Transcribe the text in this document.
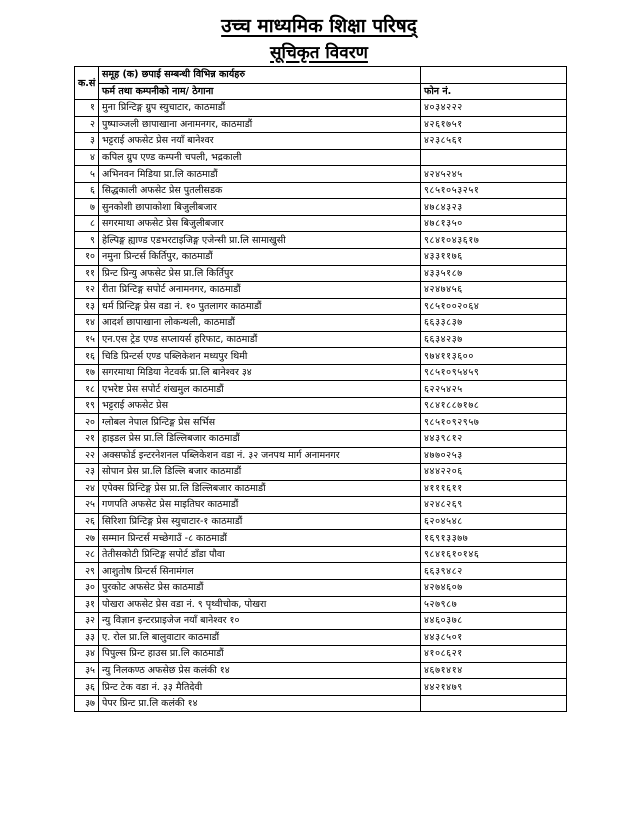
उच्च माध्यमिक शिक्षा परिषद्
सूचिकृत विवरण
क.सं	समूह (क) छपाई सम्बन्धी विभिन्न कार्यहरु	
	फर्म तथा कम्पनीको नाम/ ठेगाना	फोन नं.
१	मुना प्रिन्टिङ्ग ग्रुप स्युचाटार, काठमाडौं	४०३४२२२
२	पुष्पाञ्जली छापाखाना अनामनगर, काठमाडौं	४२६१७५१
३	भट्टराई अफसेट प्रेस नयाँ बानेश्वर	४२३८५६१
४	कपिल ग्रुप एण्ड कम्पनी चपली, भद्रकाली	
५	अभिनवन मिडिया प्रा.लि काठमाडौं	४२४५२४५
६	सिद्धकाली अफसेट प्रेस पुतलीसडक	९८५१०५३२५१
७	सुनकोशी छापाकोशा बिजुलीबजार	४७८४३२३
८	सगरमाथा अफसेट प्रेस बिजुलीबजार	४७८१३५०
९	हेल्पिङ्ग ह्याण्ड एडभरटाइजिङ्ग एजेन्सी प्रा.लि सामाखुसी	९८४१०४३६१७
१०	नमुना प्रिन्टर्स किर्तिपुर, काठमाडौं	४३३११७६
११	प्रिन्ट प्रिन्यु अफसेट प्रेस प्रा.लि किर्तिपुर	४३३५१८७
१२	रीता प्रिन्टिङ्ग सपोर्ट अनामनगर, काठमाडौं	४२४७४५६
१३	धर्म प्रिन्टिङ्ग प्रेस वडा नं. १० पुतलागर काठमाडौं	९८५१००२०६४
१४	आदर्श छापाखाना लोकन्थली, काठमाडौं	६६३३८३७
१५	एन.एस ट्रेड एण्ड सप्लायर्स हरिफाट, काठमाडौं	६६३४२३७
१६	चिडि प्रिन्टर्स एण्ड पब्लिकेशन मध्यपुर थिमी	९७४११३६००
१७	सगरमाथा मिडिया नेटवर्क प्रा.लि बानेश्वर ३४	९८५१०९५४५९
१८	एभरेष्ट प्रेस सपोर्ट शंखमुल काठमाडौं	६२२५४२५
१९	भट्टराई अफसेट प्रेस	९८४१८८७१७८
२०	ग्लोबल नेपाल प्रिन्टिङ्ग प्रेस सर्भिस	९८५१०९२९५७
२१	हाइडल प्रेस प्रा.लि डिल्लिबजार काठमाडौं	४४३९८१२
२२	अक्सफोर्ड इन्टरनेशनल पब्लिकेशन वडा नं. ३२ जनपथ मार्ग अनामनगर	४७७०२५३
२३	सोपान प्रेस प्रा.लि डिल्लि बजार काठमाडौं	४४४२२०६
२४	एपेक्स प्रिन्टिङ्ग प्रेस प्रा.लि डिल्लिबजार काठमाडौं	४१११६११
२५	गणपति अफसेट प्रेस माइतिघर काठमाडौं	४२४८२६९
२६	सिरिशा प्रिन्टिङ्ग प्रेस स्युचाटार-१ काठमाडौं	६२०४५४८
२७	सम्मान प्रिन्टर्स मच्छेगाउँ -८ काठमाडौं	१६९१३३७७
२८	तेतीसकोटी प्रिन्टिङ्ग सपोर्ट डाँडा पौवा	९८४१६१०१४६
२९	आशुतोष प्रिन्टर्स सिनामंगल	६६३९४८२
३०	पुरकोट अफसेट प्रेस काठमाडौं	४२७४६०७
३१	पोखरा अफसेट प्रेस वडा नं. ९ पृथ्वीचोक, पोखरा	५२७९८७
३२	न्यु विज्ञान इन्टरप्राइजेज नयाँ बानेश्वर १०	४४६०३७८
३३	ए. रोल प्रा.लि बालुवाटार काठमाडौं	४४३८५०१
३४	पिपुल्स प्रिन्ट हाउस प्रा.लि काठमाडौं	४१०८६२१
३५	न्यु निलकण्ठ अफसेछ प्रेस कलंकी १४	४६७१४१४
३६	प्रिन्ट टेक वडा नं. ३३ मैतिदेवी	४४२१४७९
३७	पेपर प्रिन्ट प्रा.लि कलंकी १४	
